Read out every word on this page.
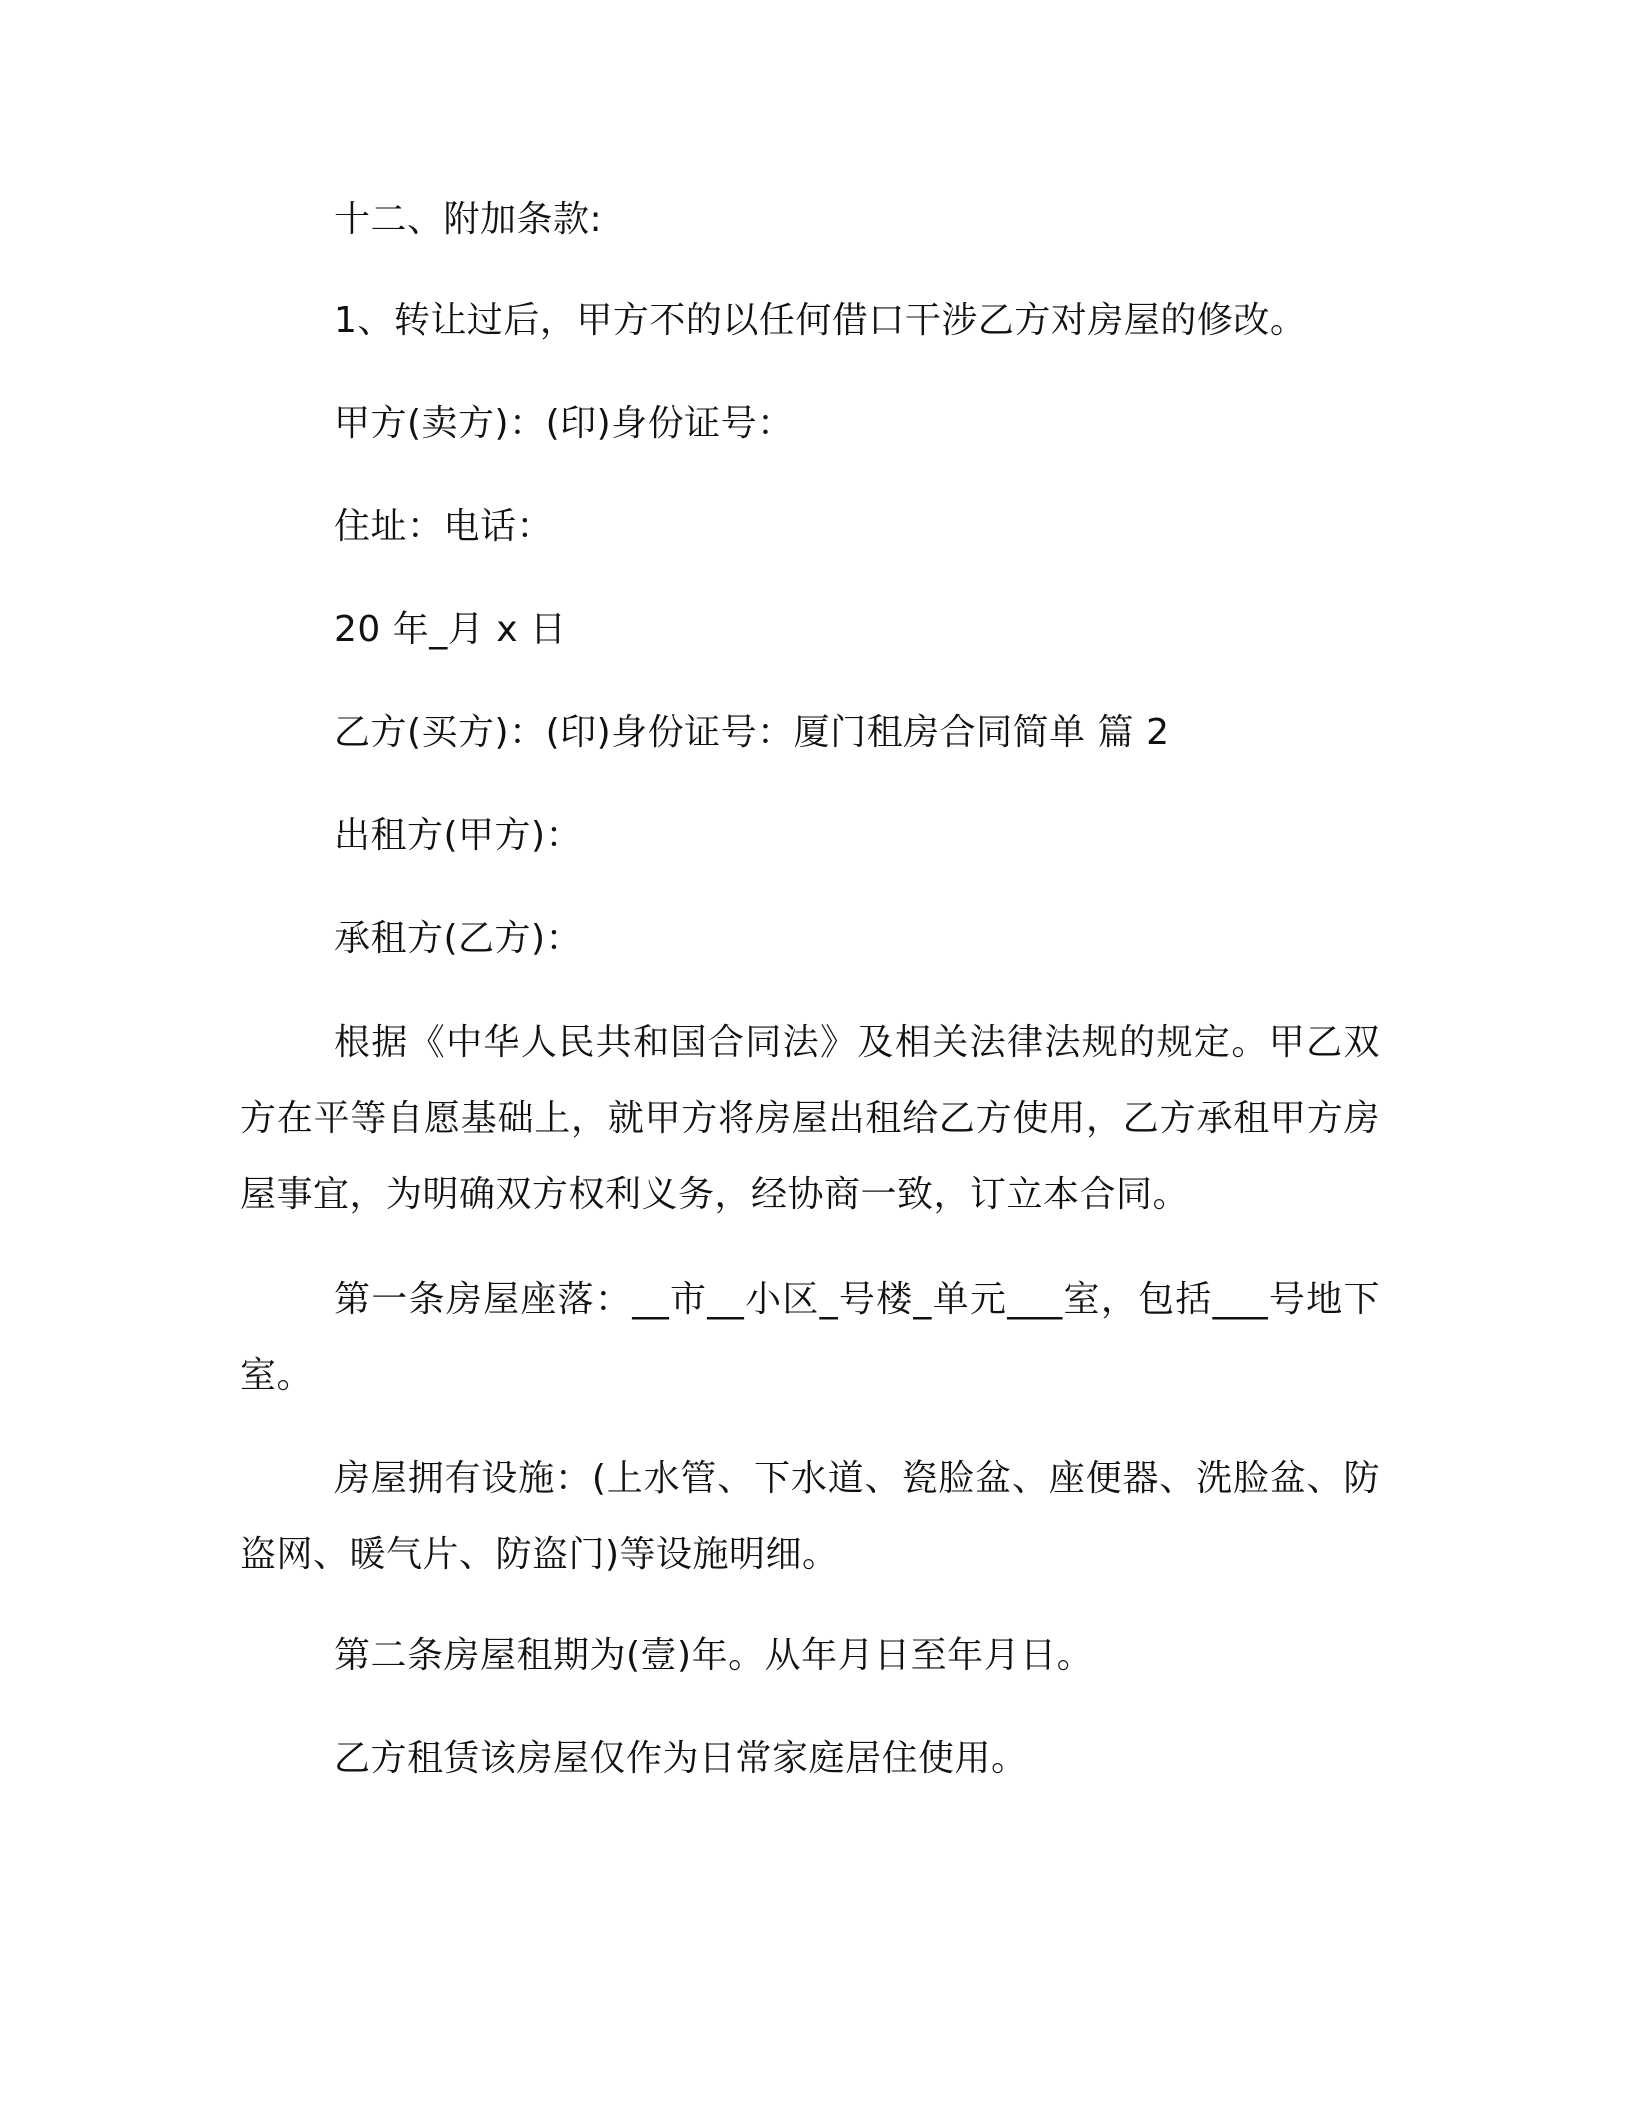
十二、附加条款:

1、转让过后，甲方不的以任何借口干涉乙方对房屋的修改。

甲方(卖方)：(印)身份证号：

住址：电话：

20 年_月 x 日

乙方(买方)：(印)身份证号：厦门租房合同简单 篇 2

出租方(甲方)：

承租方(乙方)：

根据《中华人民共和国合同法》及相关法律法规的规定。甲乙双方在平等自愿基础上，就甲方将房屋出租给乙方使用，乙方承租甲方房屋事宜，为明确双方权利义务，经协商一致，订立本合同。

第一条房屋座落：__市__小区_号楼_单元___室，包括___号地下室。

房屋拥有设施：(上水管、下水道、瓷脸盆、座便器、洗脸盆、防盗网、暖气片、防盗门)等设施明细。

第二条房屋租期为(壹)年。从年月日至年月日。

乙方租赁该房屋仅作为日常家庭居住使用。
